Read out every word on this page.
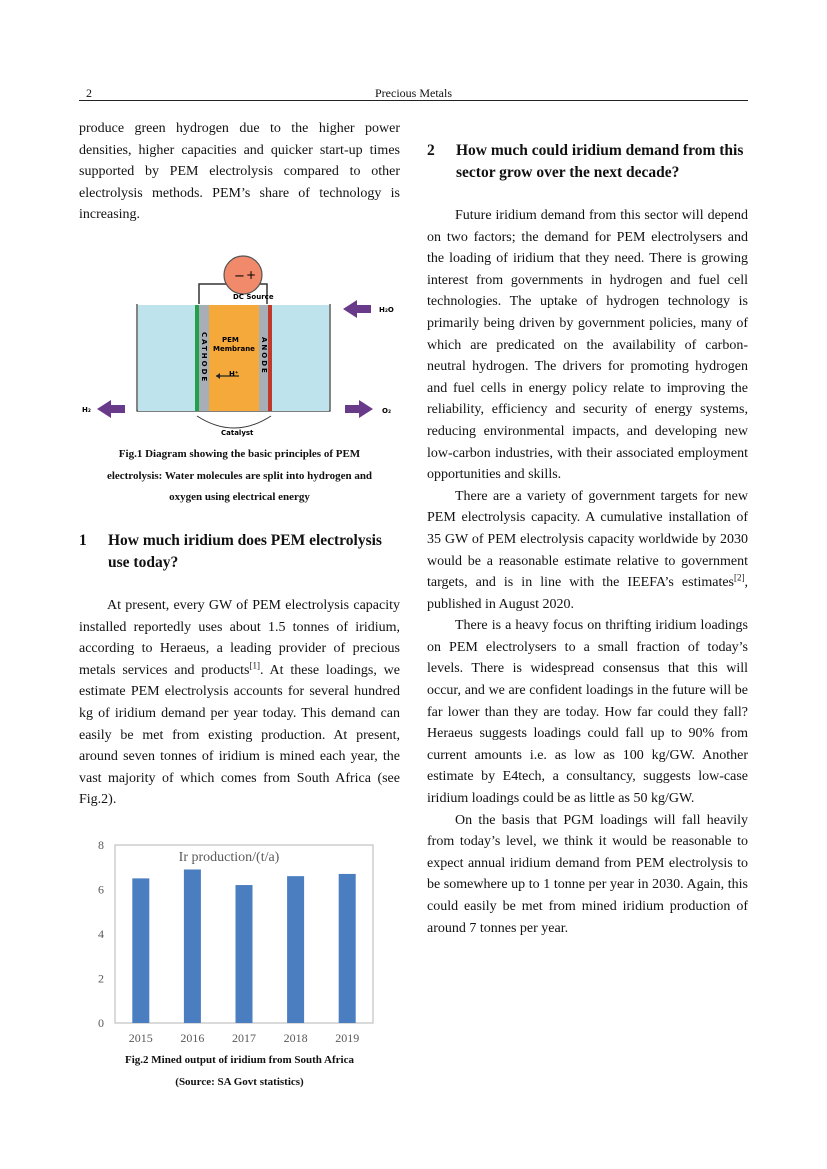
2	Precious Metals

produce green hydrogen due to the higher power densities, higher capacities and quicker start-up times supported by PEM electrolysis compared to other electrolysis methods. PEM’s share of technology is increasing.

− +
DC Source
PEM
Membrane
CATHODE	ANODE
H⁺
Catalyst
H₂O
H₂	O₂
Fig.1 Diagram showing the basic principles of PEM
electrolysis: Water molecules are split into hydrogen and
oxygen using electrical energy
1	How much iridium does PEM electrolysis use today?

At present, every GW of PEM electrolysis capacity installed reportedly uses about 1.5 tonnes of iridium, according to Heraeus, a leading provider of precious metals services and products[1]. At these loadings, we estimate PEM electrolysis accounts for several hundred kg of iridium demand per year today. This demand can easily be met from existing production. At present, around seven tonnes of iridium is mined each year, the vast majority of which comes from South Africa (see Fig.2).

Ir production/(t/a)
0
2
4
6
8
2015 2016 2017 2018 2019
Fig.2 Mined output of iridium from South Africa
(Source: SA Govt statistics)
2	How much could iridium demand from this sector grow over the next decade?

Future iridium demand from this sector will depend on two factors; the demand for PEM electrolysers and the loading of iridium that they need. There is growing interest from governments in hydrogen and fuel cell technologies. The uptake of hydrogen technology is primarily being driven by government policies, many of which are predicated on the availability of carbon-neutral hydrogen. The drivers for promoting hydrogen and fuel cells in energy policy relate to improving the reliability, efficiency and security of energy systems, reducing environmental impacts, and developing new low-carbon industries, with their associated employment opportunities and skills.

There are a variety of government targets for new PEM electrolysis capacity. A cumulative installation of 35 GW of PEM electrolysis capacity worldwide by 2030 would be a reasonable estimate relative to government targets, and is in line with the IEEFA’s estimates[2], published in August 2020.

There is a heavy focus on thrifting iridium loadings on PEM electrolysers to a small fraction of today’s levels. There is widespread consensus that this will occur, and we are confident loadings in the future will be far lower than they are today. How far could they fall? Heraeus suggests loadings could fall up to 90% from current amounts i.e. as low as 100 kg/GW. Another estimate by E4tech, a consultancy, suggests low-case iridium loadings could be as little as 50 kg/GW.

On the basis that PGM loadings will fall heavily from today’s level, we think it would be reasonable to expect annual iridium demand from PEM electrolysis to be somewhere up to 1 tonne per year in 2030. Again, this could easily be met from mined iridium production of around 7 tonnes per year.
